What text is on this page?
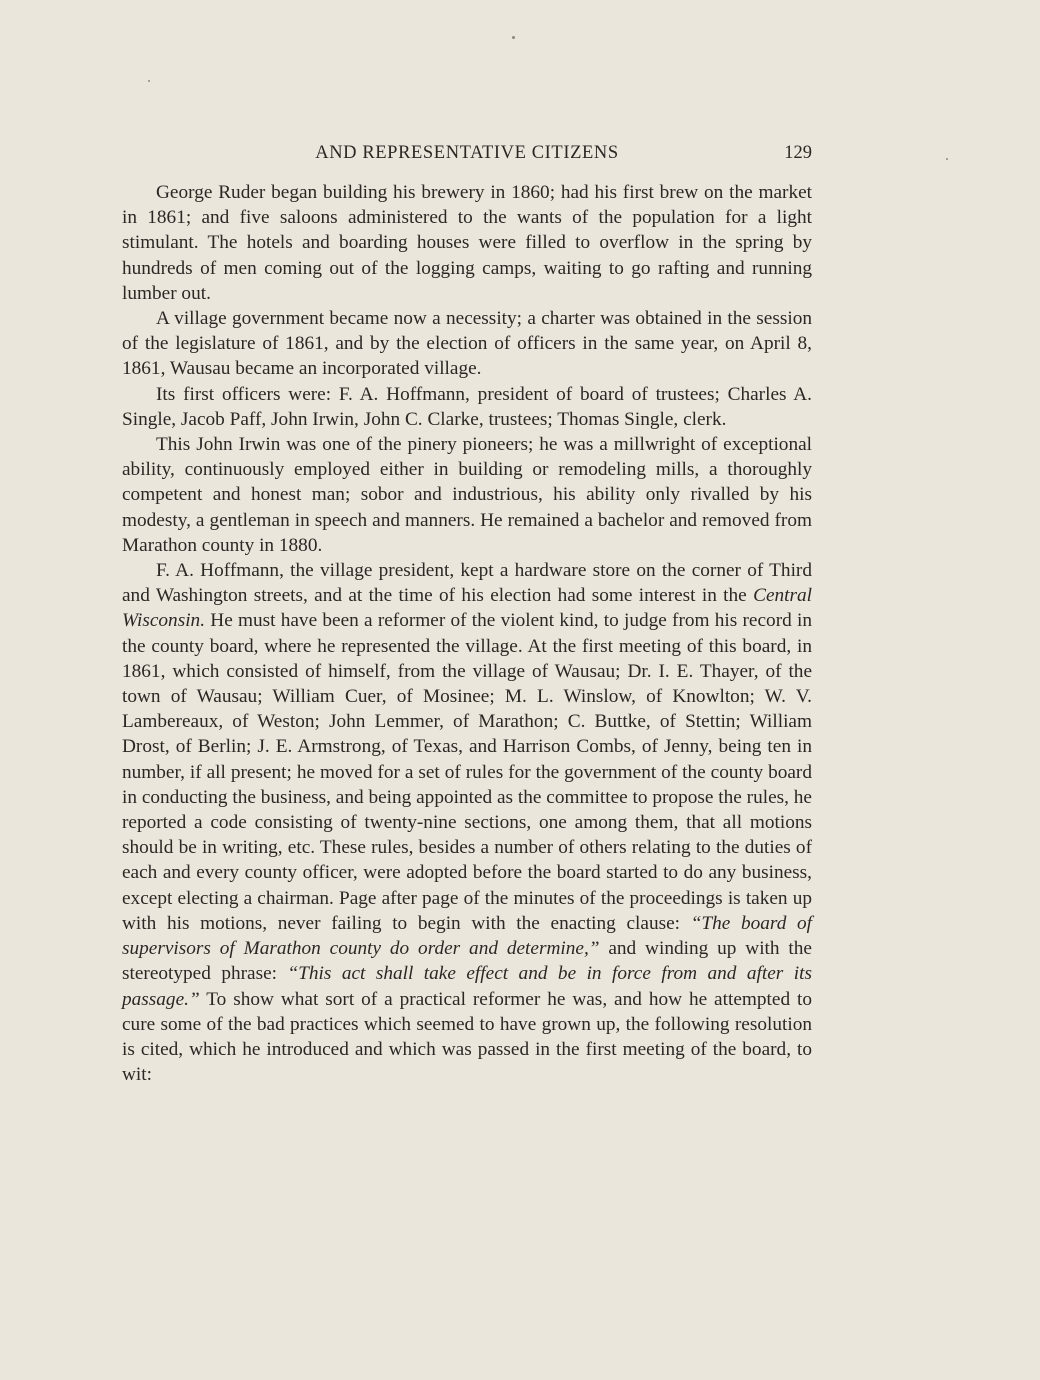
AND REPRESENTATIVE CITIZENS	129

George Ruder began building his brewery in 1860; had his first brew on the market in 1861; and five saloons administered to the wants of the population for a light stimulant. The hotels and boarding houses were filled to overflow in the spring by hundreds of men coming out of the logging camps, waiting to go rafting and running lumber out.

A village government became now a necessity; a charter was obtained in the session of the legislature of 1861, and by the election of officers in the same year, on April 8, 1861, Wausau became an incorporated village.

Its first officers were: F. A. Hoffmann, president of board of trustees; Charles A. Single, Jacob Paff, John Irwin, John C. Clarke, trustees; Thomas Single, clerk.

This John Irwin was one of the pinery pioneers; he was a millwright of exceptional ability, continuously employed either in building or remodeling mills, a thoroughly competent and honest man; sobor and industrious, his ability only rivalled by his modesty, a gentleman in speech and manners. He remained a bachelor and removed from Marathon county in 1880.

F. A. Hoffmann, the village president, kept a hardware store on the corner of Third and Washington streets, and at the time of his election had some interest in the Central Wisconsin. He must have been a reformer of the violent kind, to judge from his record in the county board, where he represented the village. At the first meeting of this board, in 1861, which consisted of himself, from the village of Wausau; Dr. I. E. Thayer, of the town of Wausau; William Cuer, of Mosinee; M. L. Winslow, of Knowlton; W. V. Lambereaux, of Weston; John Lemmer, of Marathon; C. Buttke, of Stettin; William Drost, of Berlin; J. E. Armstrong, of Texas, and Harrison Combs, of Jenny, being ten in number, if all present; he moved for a set of rules for the government of the county board in conducting the business, and being appointed as the committee to propose the rules, he reported a code consisting of twenty-nine sections, one among them, that all motions should be in writing, etc. These rules, besides a number of others relating to the duties of each and every county officer, were adopted before the board started to do any business, except electing a chairman. Page after page of the minutes of the proceedings is taken up with his motions, never failing to begin with the enacting clause: “The board of supervisors of Marathon county do order and determine,” and winding up with the stereotyped phrase: “This act shall take effect and be in force from and after its passage.” To show what sort of a practical reformer he was, and how he attempted to cure some of the bad practices which seemed to have grown up, the following resolution is cited, which he introduced and which was passed in the first meeting of the board, to wit:
